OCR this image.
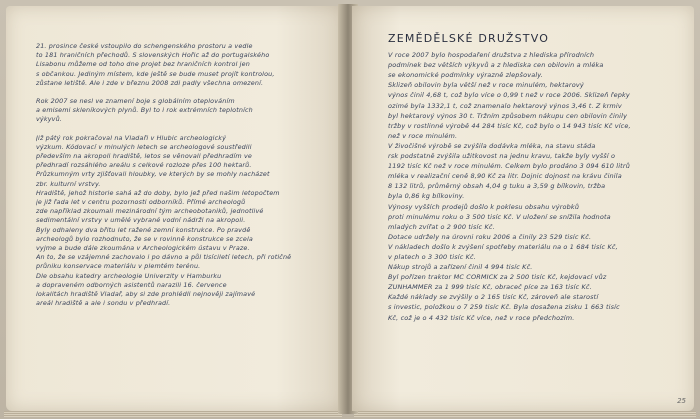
21. prosince české vstoupilo do schengenského prostoru a vedle
to 181 hraničních přechodů. S slovenských Hořic až do portugalského
Lisabonu můžeme od toho dne projet bez hraničních kontrol jen
s občankou. Jediným místem, kde ještě se bude muset projít kontrolou,
zůstane letiště. Ale i zde v březnu 2008 zdi padly všechna omezení.
Rok 2007 se nesl ve znamení boje s globálním oteplováním
a emisemi skleníkových plynů. Byl to i rok extrémních teplotních
výkyvů.
Již pátý rok pokračoval na Vladaři v Hlubic archeologický
výzkum. Kódovací v minulých letech se archeologové soustředili
především na akropoli hradiště, letos se věnovali předhradím ve
předhradí rozsáhlého areálu s celkové rozloze přes 100 hektarů.
Průzkumným vrty zjišťovali hloubky, ve kterých by se mohly nacházet
zbr. kulturní vrstvy.
Hradiště, jehož historie sahá až do doby, bylo jež před našim letopočtem
je již řada let v centru pozornosti odborníků. Přímé archeologů
zde například zkoumali mezinárodní tým archeobotaniků, jednotlivé
sedimentální vrstvy v umělé vybrané vodní nádrži na akropoli.
Byly odhaleny dva břitu let ražené zemní konstrukce. Po pravdě
archeologů bylo rozhodnuto, že se v rovinně konstrukce se zcela
vyjme a bude dále zkoumána v Archeologickém ústavu v Praze.
An to, že se vzájemné zachovalo i po dávno a půl tisíciletí letech, při rotičně
průniku konservace materiálu v plemtém terénu.
Dle obsahu katedry archeologie Univerzity v Hamburku
a dopraveném odborných asistentů narazili 16. července
lokalitách hradiště Vladař, aby si zde prohlédli nejnověji zajímavé
areál hradiště a ale i sondu v předhradí.
ZEMĚDĚLSKÉ DRUŽSTVO
V roce 2007 bylo hospodaření družstva z hlediska přírodních
podmínek bez větších výkyvů a z hlediska cen obilovin a mléka
se ekonomické podmínky výrazně zlepšovaly.
Sklizeň obilovin byla větší než v roce minulém, hektarový
výnos činil 4,68 t, což bylo více o 0,99 t než v roce 2006. Sklizeň řepky
ozimé byla 1332,1 t, což znamenalo hektarový výnos 3,46 t. Z krmiv
byl hektarový výnos 30 t. Tržním způsobem nákupu cen obilovin činily
tržby v rostlinné výrobě 44 284 tisíc Kč, což bylo o 14 943 tisíc Kč více,
než v roce minulém.
V živočišné výrobě se zvýšila dodávka mléka, na stavu stáda
rsk podstatně zvýšila užitkovost na jednu kravu, takže byly vyšší o
1192 tisíc Kč než v roce minulém. Celkem bylo prodáno 3 094 610 litrů
mléka v realizační ceně 8,90 Kč za litr. Dojnic dojnost na krávu činila
8 132 litrů, průměrný obsah 4,04 g tuku a 3,59 g bílkovin, tržba
byla 0,86 kg bílkoviny.
Výnosy vyšších prodejů došlo k poklesu obsahu výrobků
proti minulému roku o 3 500 tisíc Kč. V uložení se snížila hodnota
mladých zvířat o 2 900 tisíc Kč.
Dotace udržely na úrovni roku 2006 a činily 23 529 tisíc Kč.
V nákladech došlo k zvýšení spotřeby materiálu na o 1 684 tisíc Kč,
v platech o 3 300 tisíc Kč.
Nákup strojů a zařízení činil 4 994 tisíc Kč.
Byl pořízen traktor MC CORMICK za 2 500 tisíc Kč, kejdovací vůz
ZUNHAMMER za 1 999 tisíc Kč, obraceč píce za 163 tisíc Kč.
Každé náklady se zvýšily o 2 165 tisíc Kč, zároveň ale starostí
s investic, položkou o 7 259 tisíc Kč. Byla dosažena zisku 1 663 tisíc
Kč, což je o 4 432 tisíc Kč více, než v roce předchozím.
25
